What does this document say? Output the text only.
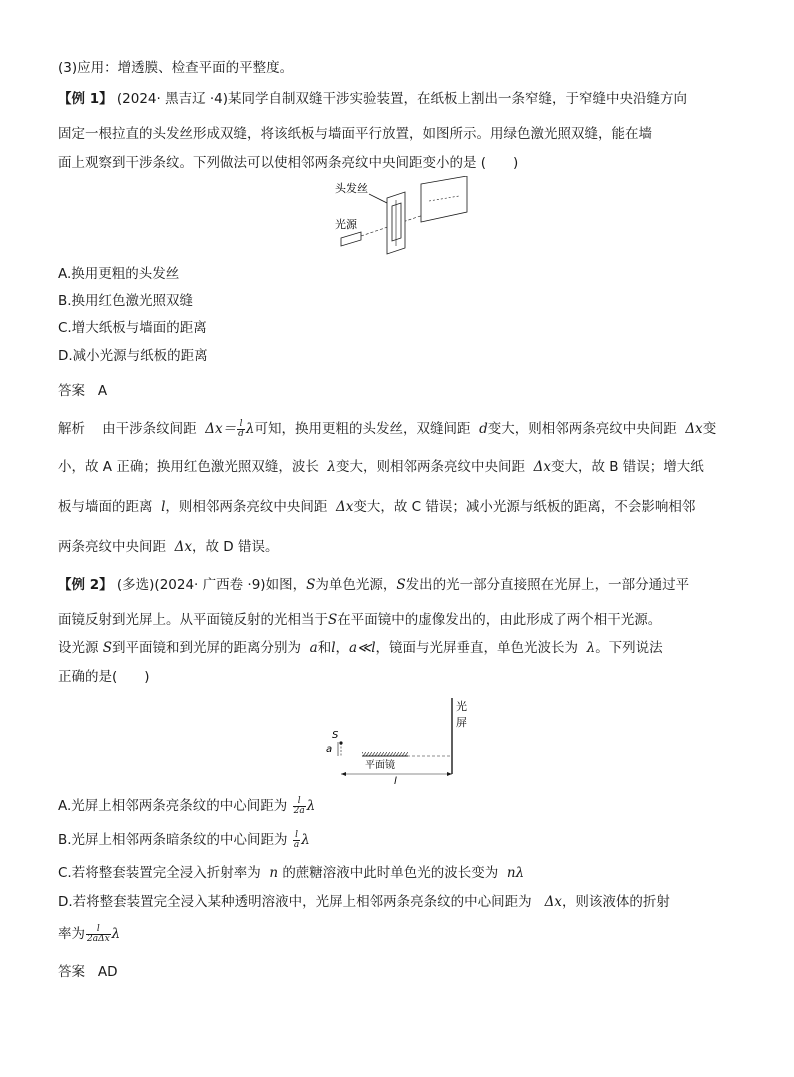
(3)应用：增透膜、检查平面的平整度。
【例 1】 (2024· 黑吉辽 ·4)某同学自制双缝干涉实验装置，在纸板上割出一条窄缝，于窄缝中央沿缝方向
固定一根拉直的头发丝形成双缝，将该纸板与墙面平行放置，如图所示。用绿色激光照双缝，能在墙
面上观察到干涉条纹。下列做法可以使相邻两条亮纹中央间距变小的是 (　　)
头发丝
光源
A.换用更粗的头发丝
B.换用红色激光照双缝
C.增大纸板与墙面的距离
D.减小光源与纸板的距离
答案 A
解析 由干涉条纹间距 $\Delta x= \frac{l}{d}$ λ可知，换用更粗的头发丝，双缝间距 d变大，则相邻两条亮纹中央间距 Δx变
小，故 A 正确；换用红色激光照双缝，波长 λ变大，则相邻两条亮纹中央间距 Δx变大，故 B 错误；增大纸
板与墙面的距离 l，则相邻两条亮纹中央间距 Δx变大，故 C 错误；减小光源与纸板的距离，不会影响相邻
两条亮纹中央间距 Δx，故 D 错误。
【例 2】 (多选)(2024· 广西卷 ·9)如图，S为单色光源，S发出的光一部分直接照在光屏上，一部分通过平
面镜反射到光屏上。从平面镜反射的光相当于S在平面镜中的虚像发出的，由此形成了两个相干光源。
设光源 S到平面镜和到光屏的距离分别为 a和l，a≪l，镜面与光屏垂直，单色光波长为 λ。下列说法
正确的是(　　)
光
屏
S
a
平面镜
l
A.光屏上相邻两条亮条纹的中心间距为 $\frac{l}{2a}$ λ
B.光屏上相邻两条暗条纹的中心间距为 $\frac{l}{a}$ λ
C.若将整套装置完全浸入折射率为 n 的蔗糖溶液中此时单色光的波长变为 nλ
D.若将整套装置完全浸入某种透明溶液中，光屏上相邻两条亮条纹的中心间距为 Δx，则该液体的折射
率为 $\frac{l}{\text{2aΔx}}$ λ
答案 AD
